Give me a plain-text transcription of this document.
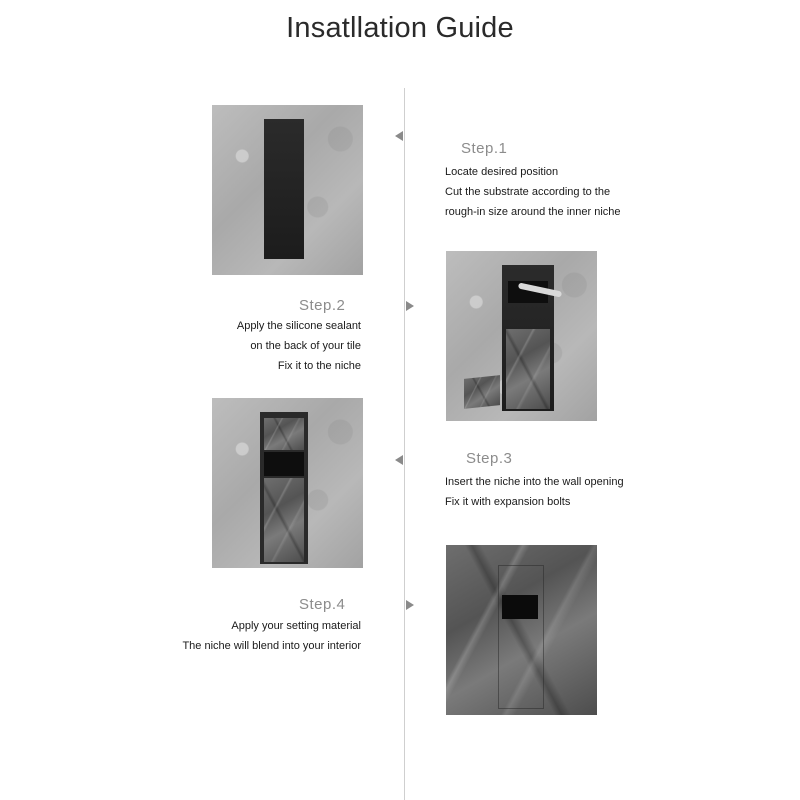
Insatllation Guide
Step.1
Locate desired position
Cut the substrate according to the
rough-in size around the inner niche
Step.2
Apply the silicone sealant
on the back of your tile
Fix it to the niche
Step.3
Insert the niche into the wall opening
Fix it with expansion bolts
Step.4
Apply your setting material
The niche will blend into your interior
